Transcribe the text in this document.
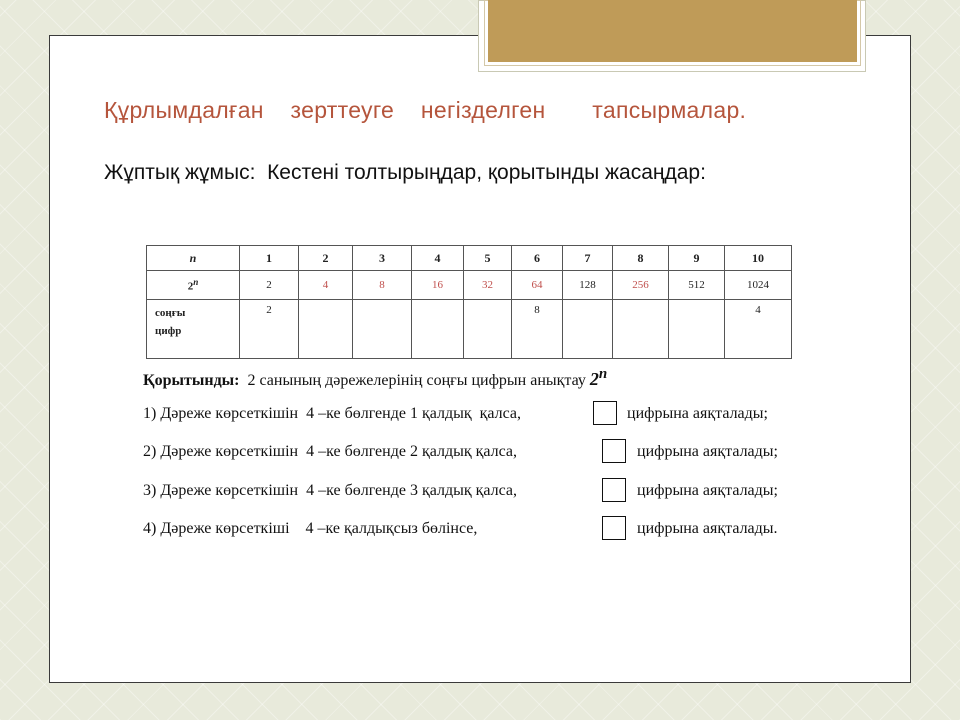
Құрлымдалған    зерттеуге    негізделген       тапсырмалар.
Жұптық жұмыс:  Кестені толтырыңдар, қорытынды жасаңдар:
n	1	2	3	4	5	6	7	8	9	10
2$^n$	2	4	8	16	32	64	128	256	512	1024
соңғы
цифр	2					8				4
Қорытынды:  2 санының дәрежелерінің соңғы цифрын анықтау 2$^n$

1) Дәреже көрсеткішін  4 –ке бөлгенде 1 қалдық  қалса,

	цифрына аяқталады;

2) Дәреже көрсеткішін  4 –ке бөлгенде 2 қалдық қалса,

	цифрына аяқталады;

3) Дәреже көрсеткішін  4 –ке бөлгенде 3 қалдық қалса,

	цифрына аяқталады;

4) Дәреже көрсеткіші    4 –ке қалдықсыз бөлінсе,

	цифрына аяқталады.
